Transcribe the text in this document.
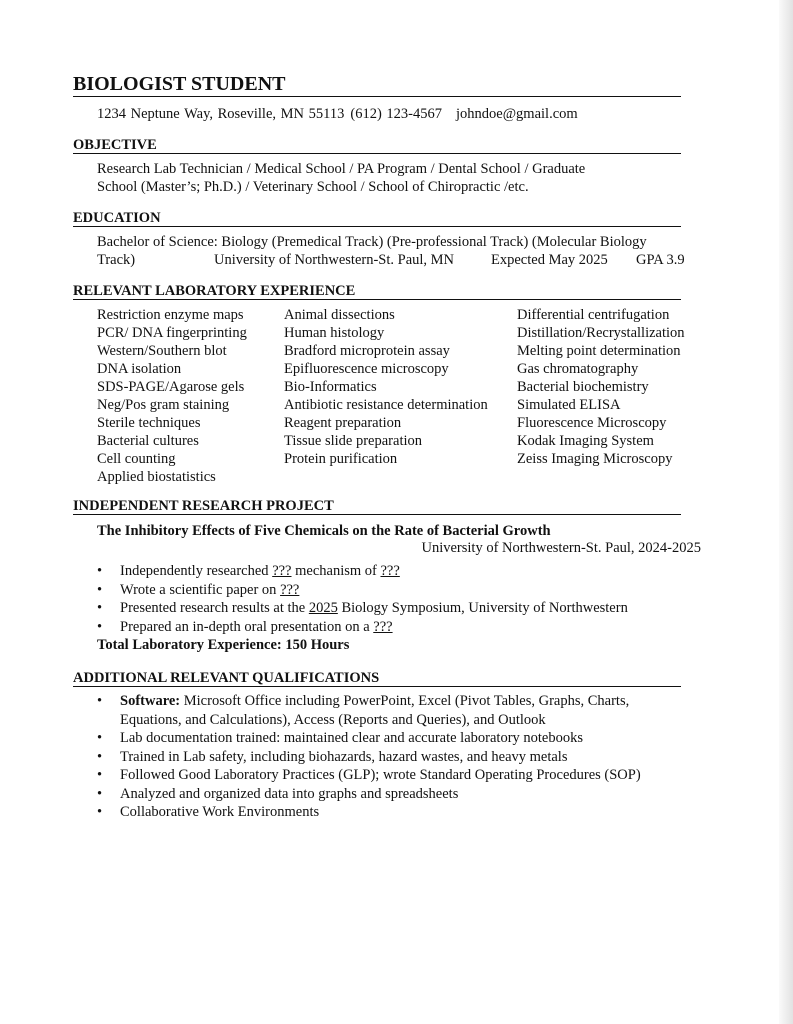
BIOLOGIST STUDENT
1234 Neptune Way, Roseville, MN 55113 (612) 123-4567 johndoe@gmail.com
OBJECTIVE
Research Lab Technician / Medical School / PA Program / Dental School / Graduate
School (Master’s; Ph.D.) / Veterinary School / School of Chiropractic /etc.
EDUCATION
Bachelor of Science: Biology (Premedical Track) (Pre-professional Track) (Molecular Biology
Track)	University of Northwestern-St. Paul, MN	Expected May 2025 GPA 3.9
RELEVANT LABORATORY EXPERIENCE
Restriction enzyme maps
PCR/ DNA fingerprinting
Western/Southern blot
DNA isolation
SDS-PAGE/Agarose gels
Neg/Pos gram staining
Sterile techniques
Bacterial cultures
Cell counting
Applied biostatistics
Animal dissections
Human histology
Bradford microprotein assay
Epifluorescence microscopy
Bio-Informatics
Antibiotic resistance determination
Reagent preparation
Tissue slide preparation
Protein purification
Differential centrifugation
Distillation/Recrystallization
Melting point determination
Gas chromatography
Bacterial biochemistry
Simulated ELISA
Fluorescence Microscopy
Kodak Imaging System
Zeiss Imaging Microscopy
INDEPENDENT RESEARCH PROJECT
The Inhibitory Effects of Five Chemicals on the Rate of Bacterial Growth
University of Northwestern-St. Paul, 2024-2025
• Independently researched ??? mechanism of ???
• Wrote a scientific paper on ???
• Presented research results at the 2025 Biology Symposium, University of Northwestern
• Prepared an in-depth oral presentation on a ???
Total Laboratory Experience: 150 Hours
ADDITIONAL RELEVANT QUALIFICATIONS
• Software: Microsoft Office including PowerPoint, Excel (Pivot Tables, Graphs, Charts,
Equations, and Calculations), Access (Reports and Queries), and Outlook
• Lab documentation trained: maintained clear and accurate laboratory notebooks
• Trained in Lab safety, including biohazards, hazard wastes, and heavy metals
• Followed Good Laboratory Practices (GLP); wrote Standard Operating Procedures (SOP)
• Analyzed and organized data into graphs and spreadsheets
• Collaborative Work Environments
